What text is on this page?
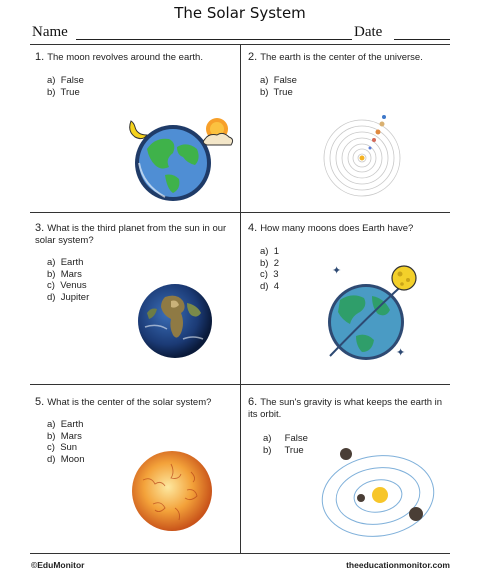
The Solar System
Name	Date
1. The moon revolves around the earth.
a)  False
b)  True
2. The earth is the center of the universe.
a)  False
b)  True
3. What is the third planet from the sun in our solar system?
a)  Earth
b)  Mars
c)  Venus
d)  Jupiter
4. How many moons does Earth have?
a)  1
b)  2
c)  3
d)  4
5. What is the center of the solar system?
a)  Earth
b)  Mars
c)  Sun
d)  Moon
6. The sun's gravity is what keeps the earth in its orbit.
a)     False
b)     True
✦
✦
©EduMonitor	theeducationmonitor.com
